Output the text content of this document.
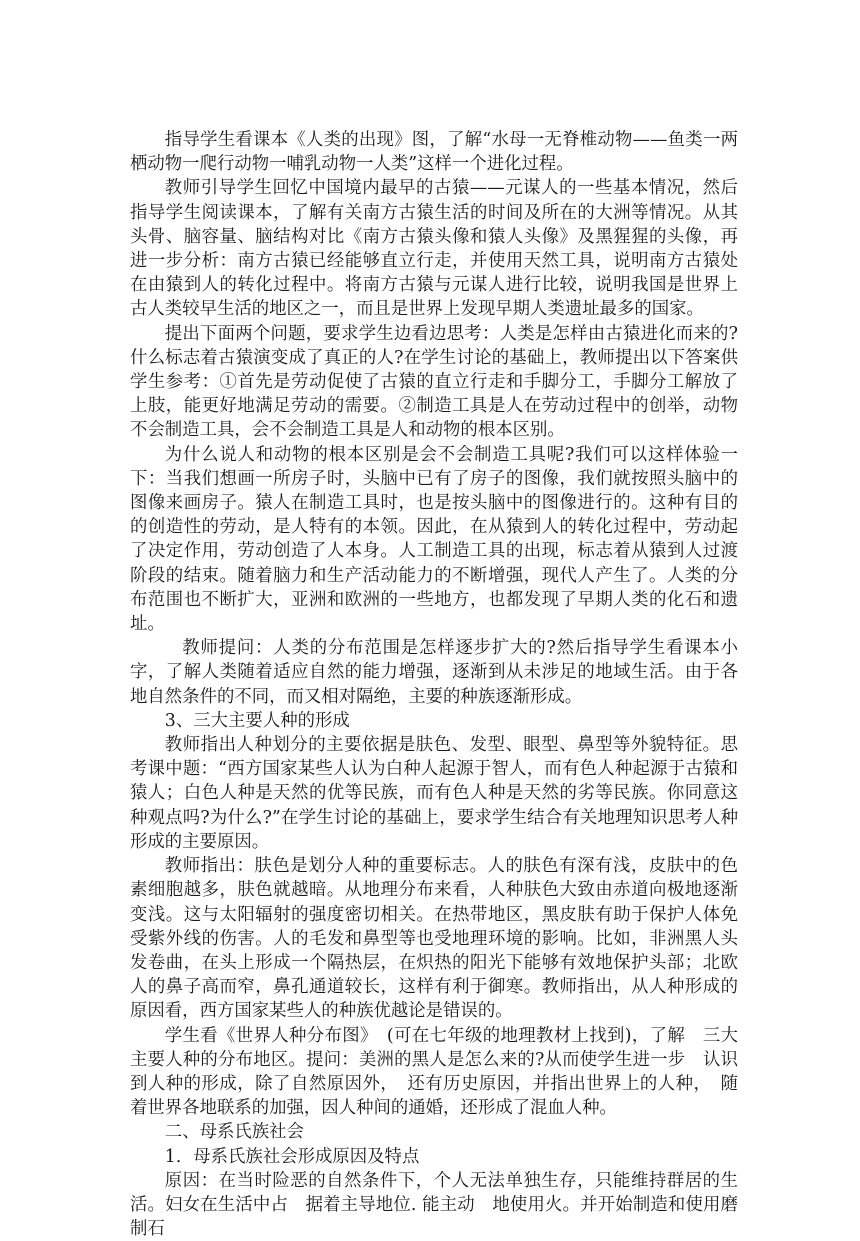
指导学生看课本《人类的出现》图，了解“水母一无脊椎动物——鱼类一两栖动物一爬行动物一哺乳动物一人类”这样一个进化过程。

教师引导学生回忆中国境内最早的古猿——元谋人的一些基本情况，然后指导学生阅读课本，了解有关南方古猿生活的时间及所在的大洲等情况。从其头骨、脑容量、脑结构对比《南方古猿头像和猿人头像》及黑猩猩的头像，再进一步分析：南方古猿已经能够直立行走，并使用天然工具，说明南方古猿处在由猿到人的转化过程中。将南方古猿与元谋人进行比较，说明我国是世界上古人类较早生活的地区之一，而且是世界上发现早期人类遗址最多的国家。

提出下面两个问题，要求学生边看边思考：人类是怎样由古猿进化而来的?什么标志着古猿演变成了真正的人?在学生讨论的基础上，教师提出以下答案供学生参考：①首先是劳动促使了古猿的直立行走和手脚分工，手脚分工解放了上肢，能更好地满足劳动的需要。②制造工具是人在劳动过程中的创举，动物不会制造工具，会不会制造工具是人和动物的根本区别。

为什么说人和动物的根本区别是会不会制造工具呢?我们可以这样体验一下：当我们想画一所房子时，头脑中已有了房子的图像，我们就按照头脑中的图像来画房子。猿人在制造工具时，也是按头脑中的图像进行的。这种有目的的创造性的劳动，是人特有的本领。因此，在从猿到人的转化过程中，劳动起了决定作用，劳动创造了人本身。人工制造工具的出现，标志着从猿到人过渡阶段的结束。随着脑力和生产活动能力的不断增强，现代人产生了。人类的分布范围也不断扩大，亚洲和欧洲的一些地方，也都发现了早期人类的化石和遗址。

教师提问：人类的分布范围是怎样逐步扩大的?然后指导学生看课本小字，了解人类随着适应自然的能力增强，逐渐到从未涉足的地域生活。由于各地自然条件的不同，而又相对隔绝，主要的种族逐渐形成。

3、三大主要人种的形成

教师指出人种划分的主要依据是肤色、发型、眼型、鼻型等外貌特征。思考课中题：“西方国家某些人认为白种人起源于智人，而有色人种起源于古猿和猿人；白色人种是天然的优等民族，而有色人种是天然的劣等民族。你同意这种观点吗?为什么?”在学生讨论的基础上，要求学生结合有关地理知识思考人种形成的主要原因。

教师指出：肤色是划分人种的重要标志。人的肤色有深有浅，皮肤中的色素细胞越多，肤色就越暗。从地理分布来看，人种肤色大致由赤道向极地逐渐变浅。这与太阳辐射的强度密切相关。在热带地区，黑皮肤有助于保护人体免受紫外线的伤害。人的毛发和鼻型等也受地理环境的影响。比如，非洲黑人头发卷曲，在头上形成一个隔热层，在炽热的阳光下能够有效地保护头部；北欧人的鼻子高而窄，鼻孔通道较长，这样有利于御寒。教师指出，从人种形成的原因看，西方国家某些人的种族优越论是错误的。

学生看《世界人种分布图》　(可在七年级的地理教材上找到)，了解　三大主要人种的分布地区。提问：美洲的黑人是怎么来的?从而使学生进一步　认识到人种的形成，除了自然原因外，　还有历史原因，并指出世界上的人种，　随着世界各地联系的加强，因人种间的通婚，还形成了混血人种。

二、母系氏族社会

1．母系氏族社会形成原因及特点

原因：在当时险恶的自然条件下，个人无法单独生存，只能维持群居的生活。妇女在生活中占　据着主导地位. 能主动　地使用火。并开始制造和使用磨制石
